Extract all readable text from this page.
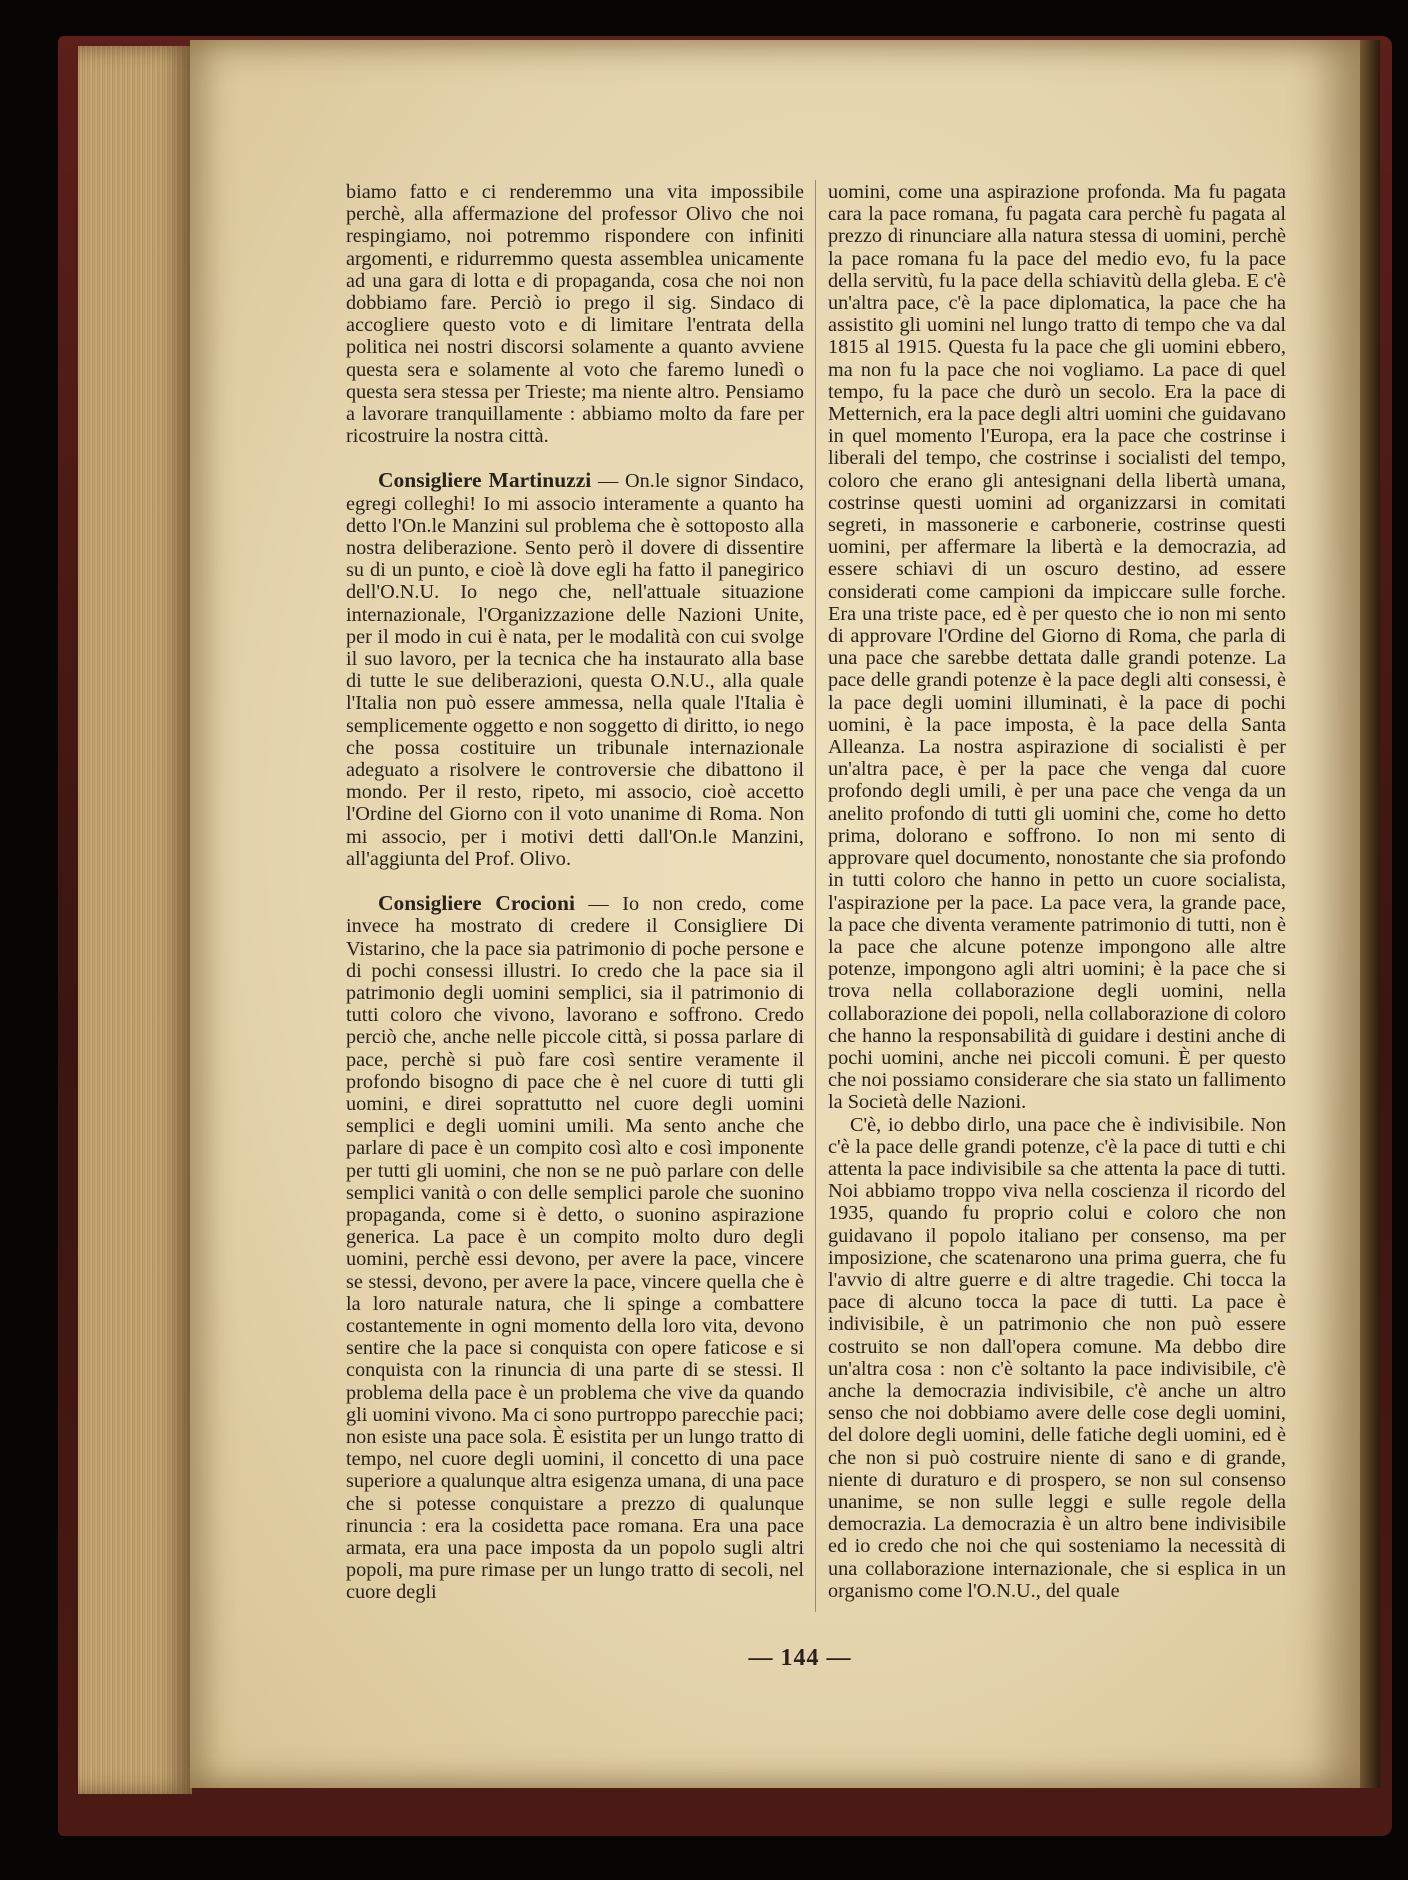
biamo fatto e ci renderemmo una vita impossibile perchè, alla affermazione del professor Olivo che noi respingiamo, noi potremmo rispondere con infiniti argomenti, e ridurremmo questa assemblea unicamente ad una gara di lotta e di propaganda, cosa che noi non dobbiamo fare. Perciò io prego il sig. Sindaco di accogliere questo voto e di limitare l'entrata della politica nei nostri discorsi solamente a quanto avviene questa sera e solamente al voto che faremo lunedì o questa sera stessa per Trieste; ma niente altro. Pensiamo a lavorare tranquillamente : abbiamo molto da fare per ricostruire la nostra città.

Consigliere Martinuzzi — On.le signor Sindaco, egregi colleghi! Io mi associo interamente a quanto ha detto l'On.le Manzini sul problema che è sottoposto alla nostra deliberazione. Sento però il dovere di dissentire su di un punto, e cioè là dove egli ha fatto il panegirico dell'O.N.U. Io nego che, nell'attuale situazione internazionale, l'Organizzazione delle Nazioni Unite, per il modo in cui è nata, per le modalità con cui svolge il suo lavoro, per la tecnica che ha instaurato alla base di tutte le sue deliberazioni, questa O.N.U., alla quale l'Italia non può essere ammessa, nella quale l'Italia è semplicemente oggetto e non soggetto di diritto, io nego che possa costituire un tribunale internazionale adeguato a risolvere le controversie che dibattono il mondo. Per il resto, ripeto, mi associo, cioè accetto l'Ordine del Giorno con il voto unanime di Roma. Non mi associo, per i motivi detti dall'On.le Manzini, all'aggiunta del Prof. Olivo.

Consigliere Crocioni — Io non credo, come invece ha mostrato di credere il Consigliere Di Vistarino, che la pace sia patrimonio di poche persone e di pochi consessi illustri. Io credo che la pace sia il patrimonio degli uomini semplici, sia il patrimonio di tutti coloro che vivono, lavorano e soffrono. Credo perciò che, anche nelle piccole città, si possa parlare di pace, perchè si può fare così sentire veramente il profondo bisogno di pace che è nel cuore di tutti gli uomini, e direi soprattutto nel cuore degli uomini semplici e degli uomini umili. Ma sento anche che parlare di pace è un compito così alto e così imponente per tutti gli uomini, che non se ne può parlare con delle semplici vanità o con delle semplici parole che suonino propaganda, come si è detto, o suonino aspirazione generica. La pace è un compito molto duro degli uomini, perchè essi devono, per avere la pace, vincere se stessi, devono, per avere la pace, vincere quella che è la loro naturale natura, che li spinge a combattere costantemente in ogni momento della loro vita, devono sentire che la pace si conquista con opere faticose e si conquista con la rinuncia di una parte di se stessi. Il problema della pace è un problema che vive da quando gli uomini vivono. Ma ci sono purtroppo parecchie paci; non esiste una pace sola. È esistita per un lungo tratto di tempo, nel cuore degli uomini, il concetto di una pace superiore a qualunque altra esigenza umana, di una pace che si potesse conquistare a prezzo di qualunque rinuncia : era la cosidetta pace romana. Era una pace armata, era una pace imposta da un popolo sugli altri popoli, ma pure rimase per un lungo tratto di secoli, nel cuore degli

uomini, come una aspirazione profonda. Ma fu pagata cara la pace romana, fu pagata cara perchè fu pagata al prezzo di rinunciare alla natura stessa di uomini, perchè la pace romana fu la pace del medio evo, fu la pace della servitù, fu la pace della schiavitù della gleba. E c'è un'altra pace, c'è la pace diplomatica, la pace che ha assistito gli uomini nel lungo tratto di tempo che va dal 1815 al 1915. Questa fu la pace che gli uomini ebbero, ma non fu la pace che noi vogliamo. La pace di quel tempo, fu la pace che durò un secolo. Era la pace di Metternich, era la pace degli altri uomini che guidavano in quel momento l'Europa, era la pace che costrinse i liberali del tempo, che costrinse i socialisti del tempo, coloro che erano gli antesignani della libertà umana, costrinse questi uomini ad organizzarsi in comitati segreti, in massonerie e carbonerie, costrinse questi uomini, per affermare la libertà e la democrazia, ad essere schiavi di un oscuro destino, ad essere considerati come campioni da impiccare sulle forche. Era una triste pace, ed è per questo che io non mi sento di approvare l'Ordine del Giorno di Roma, che parla di una pace che sarebbe dettata dalle grandi potenze. La pace delle grandi potenze è la pace degli alti consessi, è la pace degli uomini illuminati, è la pace di pochi uomini, è la pace imposta, è la pace della Santa Alleanza. La nostra aspirazione di socialisti è per un'altra pace, è per la pace che venga dal cuore profondo degli umili, è per una pace che venga da un anelito profondo di tutti gli uomini che, come ho detto prima, dolorano e soffrono. Io non mi sento di approvare quel documento, nonostante che sia profondo in tutti coloro che hanno in petto un cuore socialista, l'aspirazione per la pace. La pace vera, la grande pace, la pace che diventa veramente patrimonio di tutti, non è la pace che alcune potenze impongono alle altre potenze, impongono agli altri uomini; è la pace che si trova nella collaborazione degli uomini, nella collaborazione dei popoli, nella collaborazione di coloro che hanno la responsabilità di guidare i destini anche di pochi uomini, anche nei piccoli comuni. È per questo che noi possiamo considerare che sia stato un fallimento la Società delle Nazioni.

C'è, io debbo dirlo, una pace che è indivisibile. Non c'è la pace delle grandi potenze, c'è la pace di tutti e chi attenta la pace indivisibile sa che attenta la pace di tutti. Noi abbiamo troppo viva nella coscienza il ricordo del 1935, quando fu proprio colui e coloro che non guidavano il popolo italiano per consenso, ma per imposizione, che scatenarono una prima guerra, che fu l'avvio di altre guerre e di altre tragedie. Chi tocca la pace di alcuno tocca la pace di tutti. La pace è indivisibile, è un patrimonio che non può essere costruito se non dall'opera comune. Ma debbo dire un'altra cosa : non c'è soltanto la pace indivisibile, c'è anche la democrazia indivisibile, c'è anche un altro senso che noi dobbiamo avere delle cose degli uomini, del dolore degli uomini, delle fatiche degli uomini, ed è che non si può costruire niente di sano e di grande, niente di duraturo e di prospero, se non sul consenso unanime, se non sulle leggi e sulle regole della democrazia. La democrazia è un altro bene indivisibile ed io credo che noi che qui sosteniamo la necessità di una collaborazione internazionale, che si esplica in un organismo come l'O.N.U., del quale

— 144 —
